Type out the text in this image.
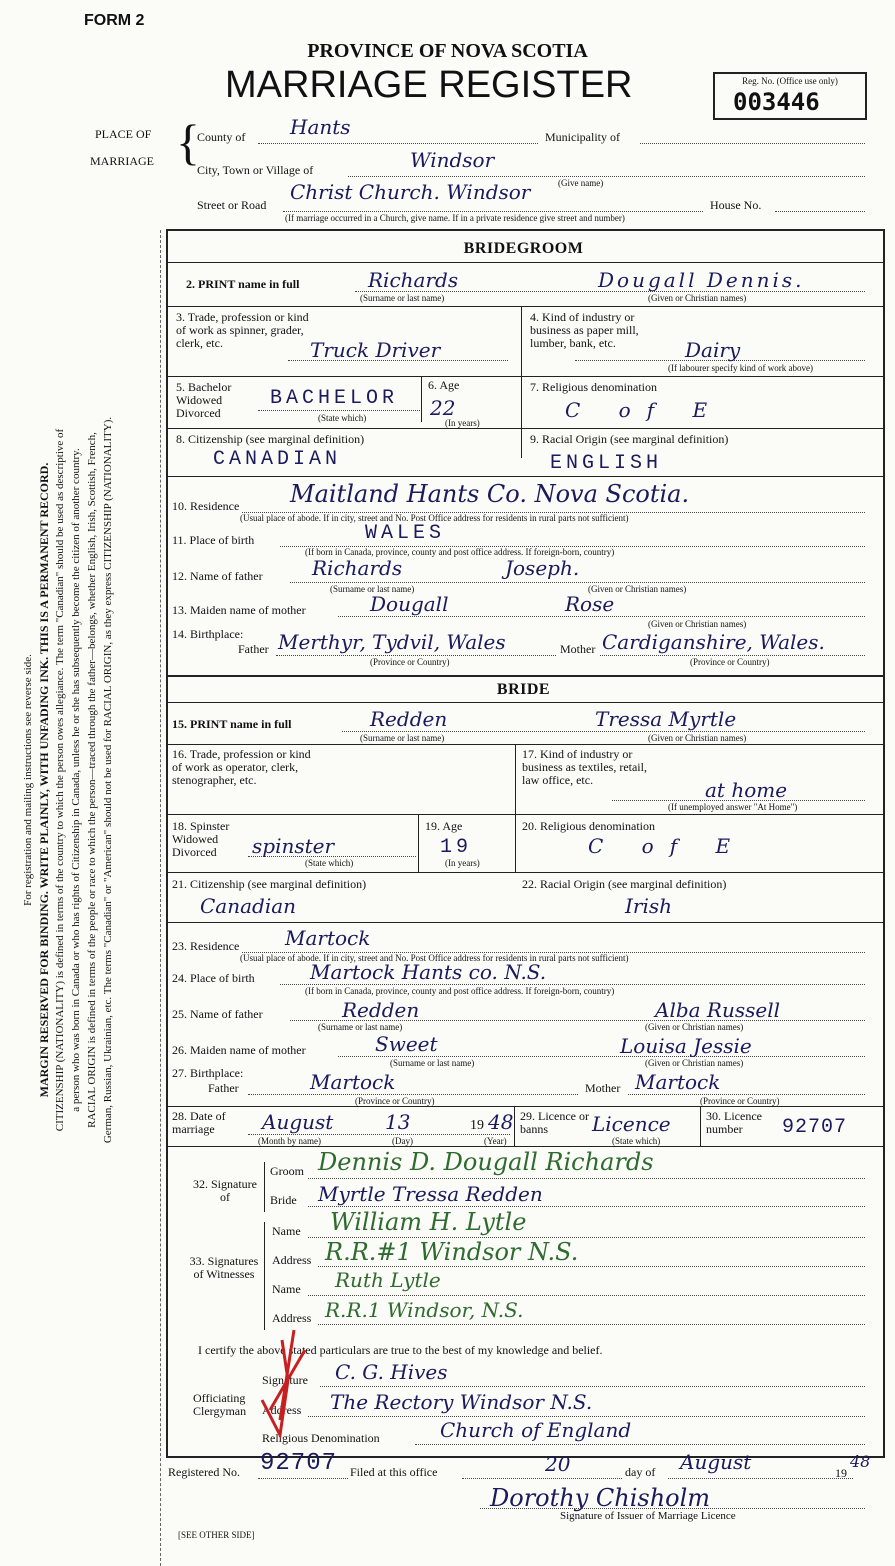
For registration and mailing instructions see reverse side. MARGIN RESERVED FOR BINDING. WRITE PLAINLY, WITH UNFADING INK. THIS IS A PERMANENT RECORD. CITIZENSHIP (NATIONALITY) is defined in terms of the country to which the person owes allegiance. The term "Canadian" should be used as descriptive of a person who was born in Canada or who has rights of Citizenship in Canada, unless he or she has subsequently become the citizen of another country. RACIAL ORIGIN is defined in terms of the people or race to which the person—traced through the father—belongs, whether English, Irish, Scottish, French, German, Russian, Ukrainian, etc. The terms "Canadian" or "American" should not be used for RACIAL ORIGIN, as they express CITIZENSHIP (NATIONALITY).

FORM 2
PROVINCE OF NOVA SCOTIA
MARRIAGE REGISTER	Reg. No. (Office use only)
003446
PLACE OF
MARRIAGE {
County of Hants	Municipality of
City, Town or Village of	Windsor
Street or Road
Christ Church. Windsor	(Give name)
House No.
(If marriage occurred in a Church, give name. If in a private residence give street and number)
BRIDEGROOM
2. PRINT name in full	Richards	Dougall Dennis.
(Surname or last name)	(Given or Christian names)
3. Trade, profession or kind of work as spinner, grader, clerk, etc.	Truck Driver
4. Kind of industry or business as paper mill, lumber, bank, etc.	Dairy
(If labourer specify kind of work above)
5. Bachelor Widowed Divorced
BACHELOR
(State which)
6. Age
22
(In years)
7. Religious denomination
C of E
8. Citizenship (see marginal definition)
CANADIAN
9. Racial Origin (see marginal definition)
ENGLISH
10. Residence Maitland Hants Co. Nova Scotia.
(Usual place of abode. If in city, street and No. Post Office address for residents in rural parts not sufficient)
11. Place of birth	WALES
(If born in Canada, province, county and post office address. If foreign-born, country)
12. Name of father Richards	Joseph.
(Surname or last name)	(Given or Christian names)
13. Maiden name of mother	Dougall	Rose
(Given or Christian names)
14. Birthplace:
Father Merthyr, Tydvil, Wales
(Province or Country)
Mother Cardiganshire, Wales.
(Province or Country)
BRIDE
15. PRINT name in full	Redden	Tressa Myrtle
(Surname or last name)	(Given or Christian names)
16. Trade, profession or kind of work as operator, clerk, stenographer, etc.
17. Kind of industry or business as textiles, retail, law office, etc.	at home
(If unemployed answer "At Home")
18. Spinster Widowed Divorced	spinster
(State which)
19. Age
19
(In years)
20. Religious denomination
C of E
21. Citizenship (see marginal definition)
Canadian
22. Racial Origin (see marginal definition)
Irish
23. Residence Martock
(Usual place of abode. If in city, street and No. Post Office address for residents in rural parts not sufficient)
24. Place of birth	Martock Hants co. N.S.
(If born in Canada, province, county and post office address. If foreign-born, country)
25. Name of father	Redden	Alba Russell
(Surname or last name)	(Given or Christian names)
26. Maiden name of mother	Sweet	Louisa Jessie
(Surname or last name)	(Given or Christian names)
27. Birthplace:
Father	Martock
(Province or Country)
Mother Martock
(Province or Country)
28. Date of marriage	August	13	19 48
(Month by name)	(Day)	(Year)
29. Licence or banns	Licence
(State which)
30. Licence number	92707
32. Signature of
Groom Dennis D. Dougall Richards
Bride Myrtle Tressa Redden
33. Signatures of Witnesses
Name William H. Lytle
Address R.R.#1 Windsor N.S.
Name Ruth Lytle
Address R.R.1 Windsor, N.S.
I certify the above stated particulars are true to the best of my knowledge and belief.
Signature C. G. Hives
Officiating Clergyman	Address The Rectory Windsor N.S.
Religious Denomination	Church of England
Registered No. 92707 Filed at this office	20	day of August	19
48
Dorothy Chisholm
Signature of Issuer of Marriage Licence
[SEE OTHER SIDE]
